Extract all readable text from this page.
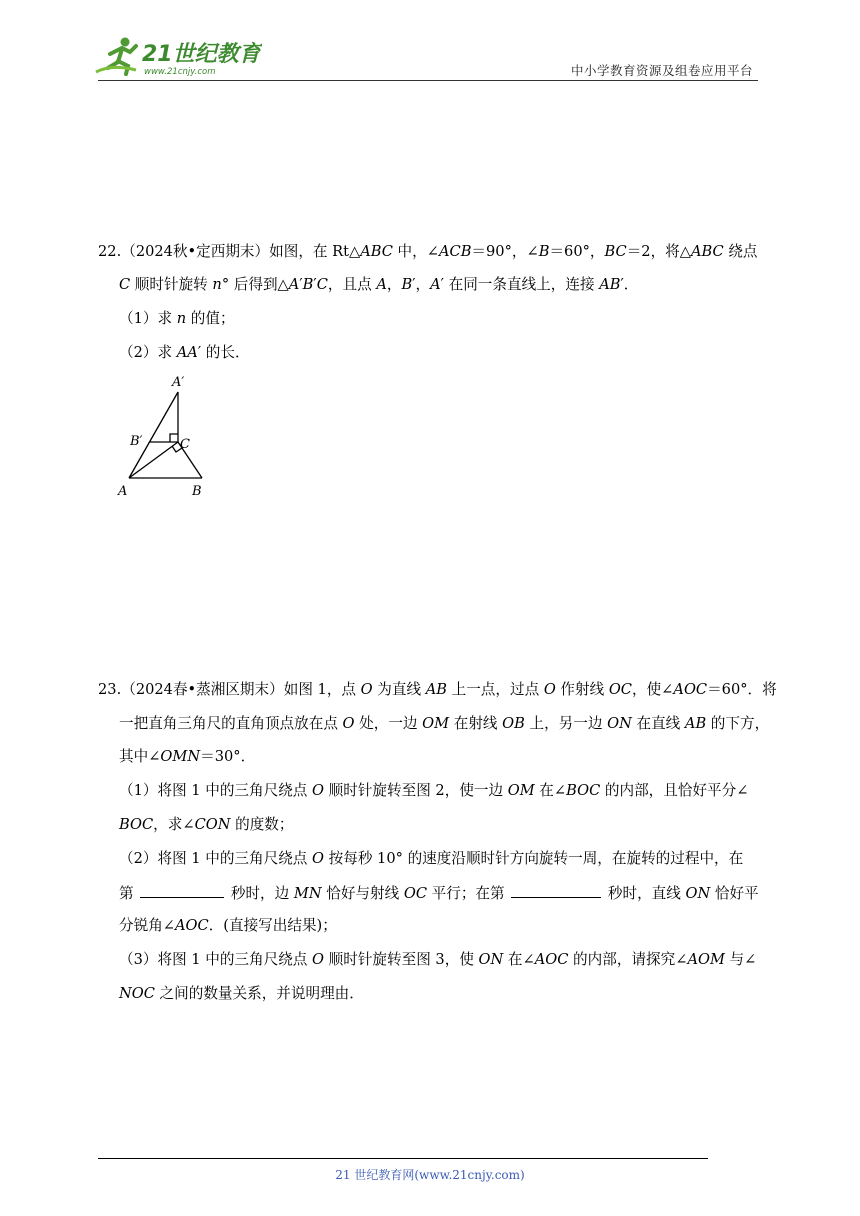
21世纪教育
www.21cnjy.com	中小学教育资源及组卷应用平台
22.（2024秋•定西期末）如图，在 Rt△ABC 中，∠ACB＝90°，∠B＝60°，BC＝2，将△ABC 绕点
C 顺时针旋转 n° 后得到△A′B′C，且点 A，B′，A′ 在同一条直线上，连接 AB′．
（1）求 n 的值；
（2）求 AA′ 的长．
A′
B′	C
A	B
23.（2024春•蒸湘区期末）如图 1，点 O 为直线 AB 上一点，过点 O 作射线 OC，使∠AOC＝60°．将
一把直角三角尺的直角顶点放在点 O 处，一边 OM 在射线 OB 上，另一边 ON 在直线 AB 的下方，
其中∠OMN＝30°．
（1）将图 1 中的三角尺绕点 O 顺时针旋转至图 2，使一边 OM 在∠BOC 的内部，且恰好平分∠
BOC，求∠CON 的度数；
（2）将图 1 中的三角尺绕点 O 按每秒 10° 的速度沿顺时针方向旋转一周，在旋转的过程中，在
第	秒时，边 MN 恰好与射线 OC 平行；在第	秒时，直线 ON 恰好平
分锐角∠AOC．(直接写出结果)；
（3）将图 1 中的三角尺绕点 O 顺时针旋转至图 3，使 ON 在∠AOC 的内部，请探究∠AOM 与∠
NOC 之间的数量关系，并说明理由．
21 世纪教育网(www.21cnjy.com)
